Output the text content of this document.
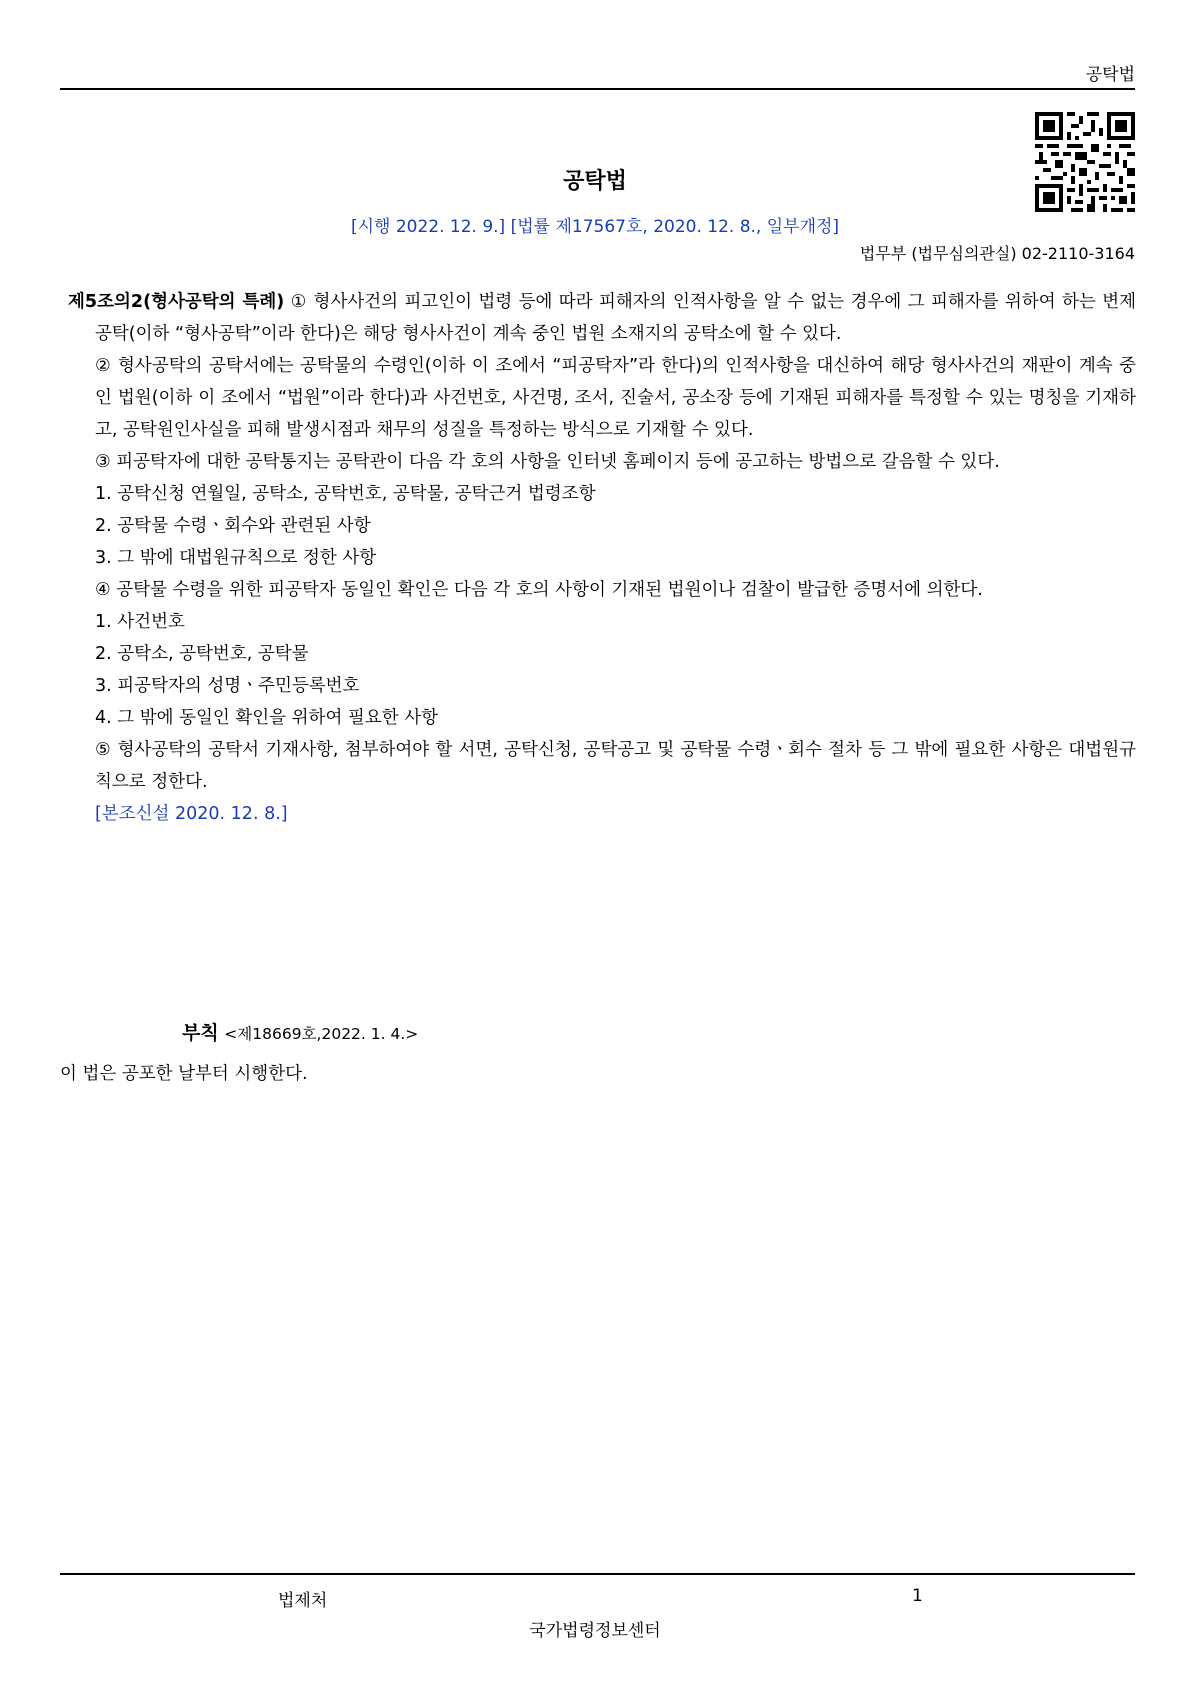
공탁법
공탁법
[시행 2022. 12. 9.] [법률 제17567호, 2020. 12. 8., 일부개정]
법무부 (법무심의관실) 02-2110-3164
제5조의2(형사공탁의 특례) ① 형사사건의 피고인이 법령 등에 따라 피해자의 인적사항을 알 수 없는 경우에 그 피해자를 위하여 하는 변제공탁(이하 “형사공탁”이라 한다)은 해당 형사사건이 계속 중인 법원 소재지의 공탁소에 할 수 있다.
② 형사공탁의 공탁서에는 공탁물의 수령인(이하 이 조에서 “피공탁자”라 한다)의 인적사항을 대신하여 해당 형사사건의 재판이 계속 중인 법원(이하 이 조에서 “법원”이라 한다)과 사건번호, 사건명, 조서, 진술서, 공소장 등에 기재된 피해자를 특정할 수 있는 명칭을 기재하고, 공탁원인사실을 피해 발생시점과 채무의 성질을 특정하는 방식으로 기재할 수 있다.
③ 피공탁자에 대한 공탁통지는 공탁관이 다음 각 호의 사항을 인터넷 홈페이지 등에 공고하는 방법으로 갈음할 수 있다.
1. 공탁신청 연월일, 공탁소, 공탁번호, 공탁물, 공탁근거 법령조항
2. 공탁물 수령ㆍ회수와 관련된 사항
3. 그 밖에 대법원규칙으로 정한 사항
④ 공탁물 수령을 위한 피공탁자 동일인 확인은 다음 각 호의 사항이 기재된 법원이나 검찰이 발급한 증명서에 의한다.
1. 사건번호
2. 공탁소, 공탁번호, 공탁물
3. 피공탁자의 성명ㆍ주민등록번호
4. 그 밖에 동일인 확인을 위하여 필요한 사항
⑤ 형사공탁의 공탁서 기재사항, 첨부하여야 할 서면, 공탁신청, 공탁공고 및 공탁물 수령ㆍ회수 절차 등 그 밖에 필요한 사항은 대법원규칙으로 정한다.
[본조신설 2020. 12. 8.]
부칙 <제18669호,2022. 1. 4.>
이 법은 공포한 날부터 시행한다.
법제처	1
국가법령정보센터
